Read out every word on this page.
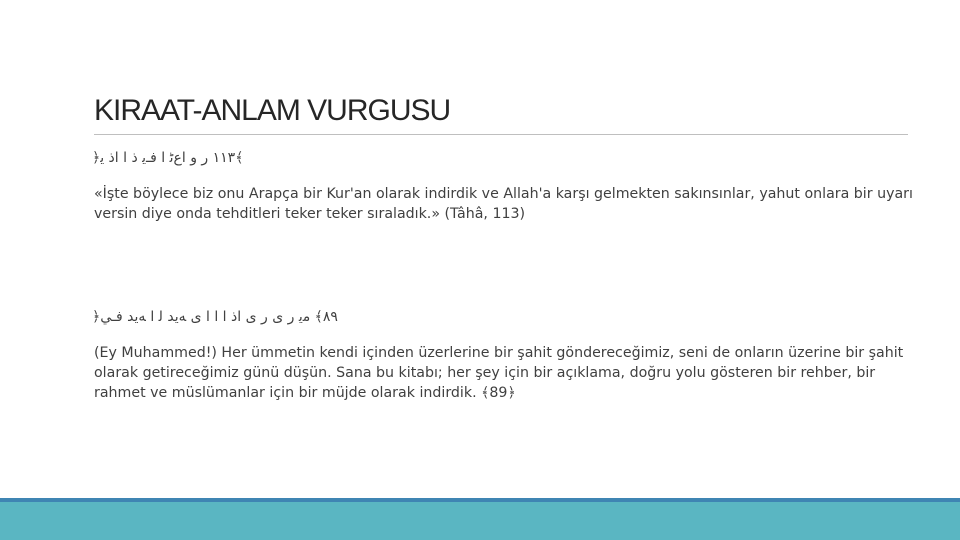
KIRAAT-ANLAM VURGUSU
﴿١١٣ ر و اعﮢ ا فـﯾ ذ ا اذ ﯾ﴾
«İşte böylece biz onu Arapça bir Kur'an olarak indirdik ve Allah'a karşı gelmekten sakınsınlar, yahut onlara bir uyarı versin diye onda tehditleri teker teker sıraladık.» (Tâhâ, 113)
﴿٨٩﴾ ﻣﯾ ر ﯼ ر ﯼ اﺫ ا ا ا ﯼ ﻪﯾﺪ ﻟ ا ﻪﯾﺪ ﻓـﻲ
(Ey Muhammed!) Her ümmetin kendi içinden üzerlerine bir şahit göndereceğimiz, seni de onların üzerine bir şahit olarak getireceğimiz günü düşün. Sana bu kitabı; her şey için bir açıklama, doğru yolu gösteren bir rehber, bir rahmet ve müslümanlar için bir müjde olarak indirdik. ﴾89﴿
